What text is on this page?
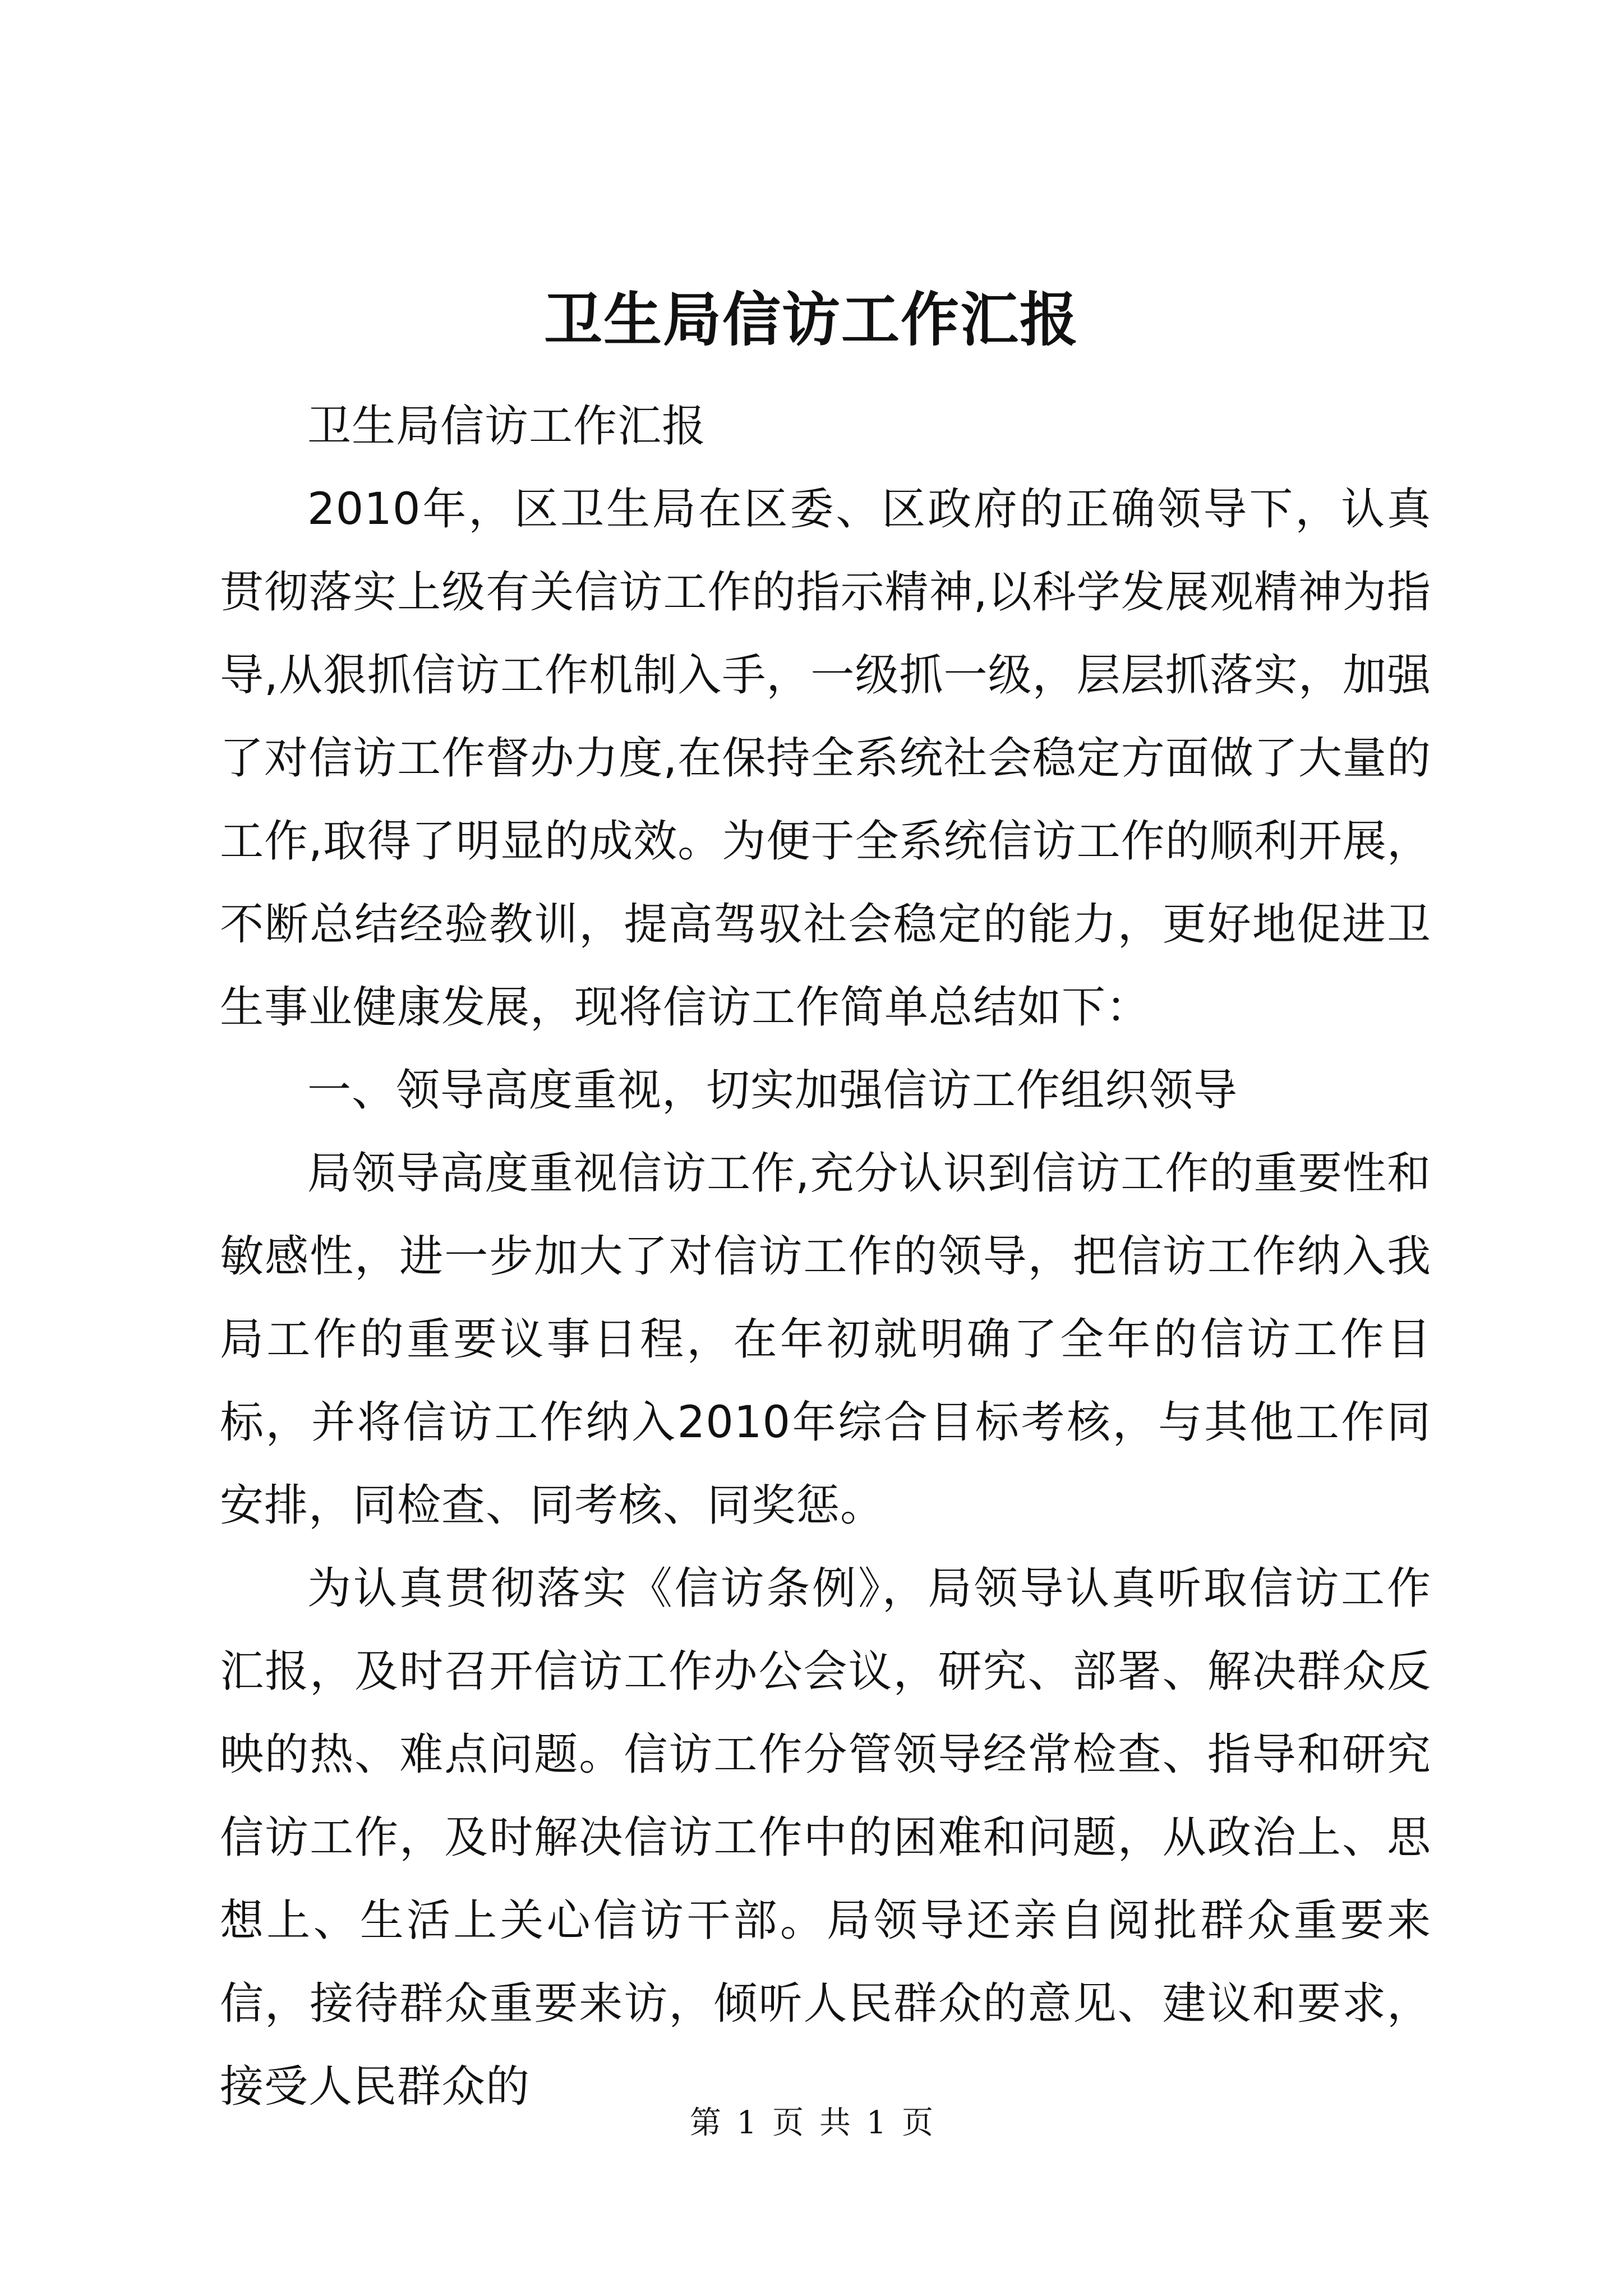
卫生局信访工作汇报

卫生局信访工作汇报

2010年，区卫生局在区委、区政府的正确领导下，认真贯彻落实上级有关信访工作的指示精神,以科学发展观精神为指导,从狠抓信访工作机制入手，一级抓一级，层层抓落实，加强了对信访工作督办力度,在保持全系统社会稳定方面做了大量的工作,取得了明显的成效。为便于全系统信访工作的顺利开展，不断总结经验教训，提高驾驭社会稳定的能力，更好地促进卫生事业健康发展，现将信访工作简单总结如下：

一、领导高度重视，切实加强信访工作组织领导

局领导高度重视信访工作,充分认识到信访工作的重要性和敏感性，进一步加大了对信访工作的领导，把信访工作纳入我局工作的重要议事日程，在年初就明确了全年的信访工作目标，并将信访工作纳入2010年综合目标考核，与其他工作同安排，同检查、同考核、同奖惩。

为认真贯彻落实《信访条例》，局领导认真听取信访工作汇报，及时召开信访工作办公会议，研究、部署、解决群众反映的热、难点问题。信访工作分管领导经常检查、指导和研究信访工作，及时解决信访工作中的困难和问题，从政治上、思想上、生活上关心信访干部。局领导还亲自阅批群众重要来信，接待群众重要来访，倾听人民群众的意见、建议和要求，接受人民群众的

第 1 页 共 1 页
